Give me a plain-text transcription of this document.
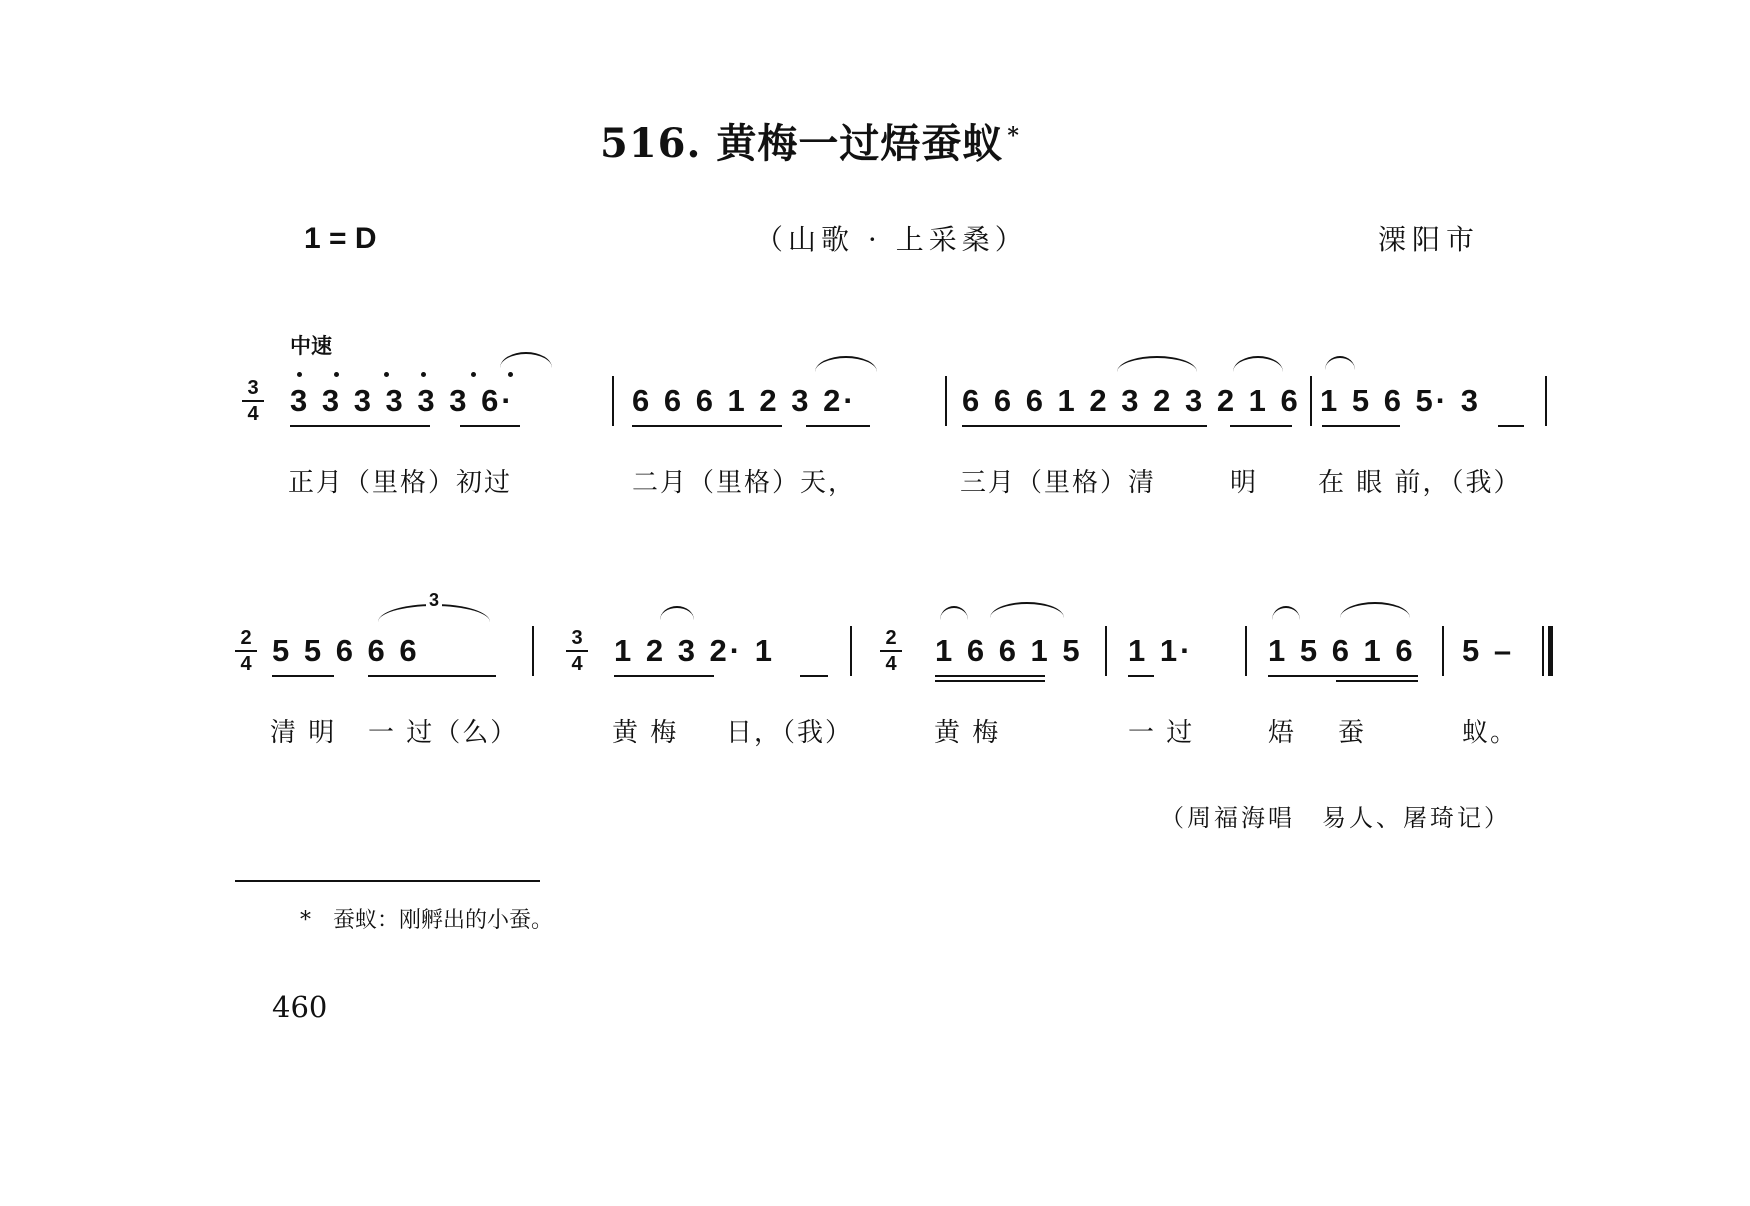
516. 黄梅一过焐蚕蚁 *
1 = D	（山歌 · 上采桑）	溧阳市
中速
$\frac{3}{4} 3$ 3 3 3 3 3 6·	6 6 6 1 2 3 2·	6 6 6 1 2 3 2 3 2 1 6 1 5 6 5· 3
正月（里格）初过	二月（里格）天，	三月（里格）清	明 在 眼 前，（我）
$\frac{2}{4} 5$ 5 6 6 6	$\frac{3}{4} 1$ 2 3 2· 1	$\frac{2}{4} 1$ 6 6 1 5 1 1· 1 5 6 1 6 5 –
3
清 明 一 过（么）	黄 梅 日，（我）	黄 梅	一 过	焐 蚕	蚁。
（周福海唱　易人、屠琦记）
* 蚕蚁：刚孵出的小蚕。
460
